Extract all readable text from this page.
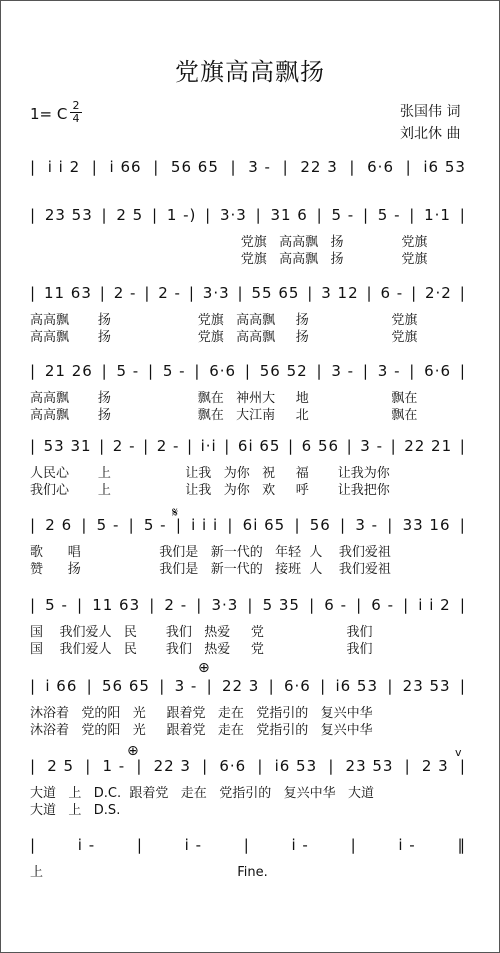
党旗高高飘扬
1= C $\frac{2}{4}$	张国伟 词
刘北休 曲
𝄋
⊕
⊕	v
| i i 2 | i 66 | 56 65 | 3 - | 22 3 | 6·6 | i6 53
| 23 53 | 2 5 | 1 -) | 3·3 | 31 6 | 5 - | 5 - | 1·1 |
党旗   高高飘   扬              党旗
党旗   高高飘   扬              党旗
| 11 63 | 2 - | 2 - | 3·3 | 55 65 | 3 12 | 6 - | 2·2 |
高高飘       扬                     党旗   高高飘     扬                    党旗
高高飘       扬                     党旗   高高飘     扬                    党旗
| 21 26 | 5 - | 5 - | 6·6 | 56 52 | 3 - | 3 - | 6·6 |
高高飘       扬                     飘在   神州大     地                    飘在
高高飘       扬                     飘在   大江南     北                    飘在
| 53 31 | 2 - | 2 - | i·i | 6i 65 | 6 56 | 3 - | 22 21 |
人民心       上                  让我   为你   祝     福       让我为你
我们心       上                  让我   为你   欢     呼       让我把你
| 2 6 | 5 - | 5 - | i i i | 6i 65 | 56 | 3 - | 33 16 |
歌      唱                   我们是   新一代的   年轻  人    我们爱祖
赞      扬                   我们是   新一代的   接班  人    我们爱祖
| 5 - | 11 63 | 2 - | 3·3 | 5 35 | 6 - | 6 - | i i 2 |
国    我们爱人   民       我们   热爱     党                    我们
国    我们爱人   民       我们   热爱     党                    我们
| i 66 | 56 65 | 3 - | 22 3 | 6·6 | i6 53 | 23 53 |
沐浴着   党的阳   光     跟着党   走在   党指引的   复兴中华
沐浴着   党的阳   光     跟着党   走在   党指引的   复兴中华
| 2 5 | 1 - | 22 3 | 6·6 | i6 53 | 23 53 | 2 3 |
大道   上   D.C.  跟着党   走在   党指引的   复兴中华   大道
大道   上   D.S.
|	i -	|	i -	|	i -	|	i -	‖
上                                               Fine.
